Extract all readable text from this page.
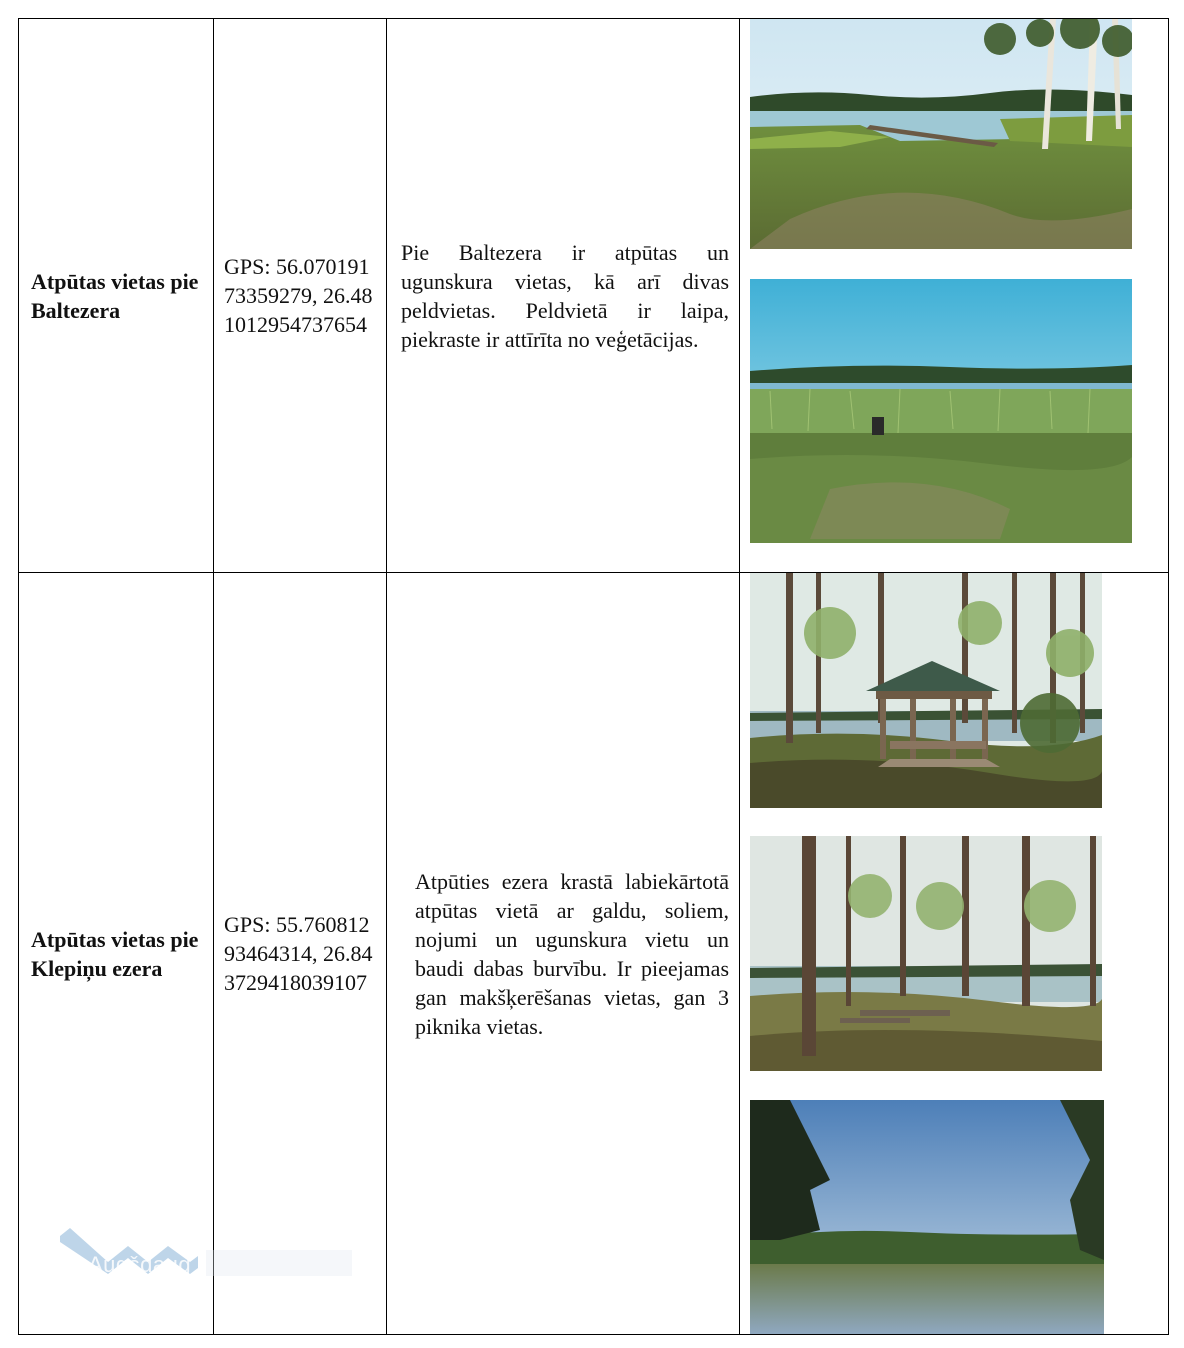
Atpūtas vietas pie Baltezera	GPS: 56.07019173359279, 26.481012954737654	Pie Baltezera ir atpūtas un ugunskura vietas, kā arī divas peldvietas. Peldvietā ir laipa, piekraste ir attīrīta no veģetācijas.	

Atpūtas vietas pie Klepiņu ezera	GPS: 55.76081293464314, 26.843729418039107	Atpūties ezera krastā labiekārtotā atpūtas vietā ar galdu, soliem, nojumi un ugunskura vietu un baudi dabas burvību. Ir pieejamas gan makšķerēšanas vietas, gan 3 piknika vietas.	
Augšdaug
